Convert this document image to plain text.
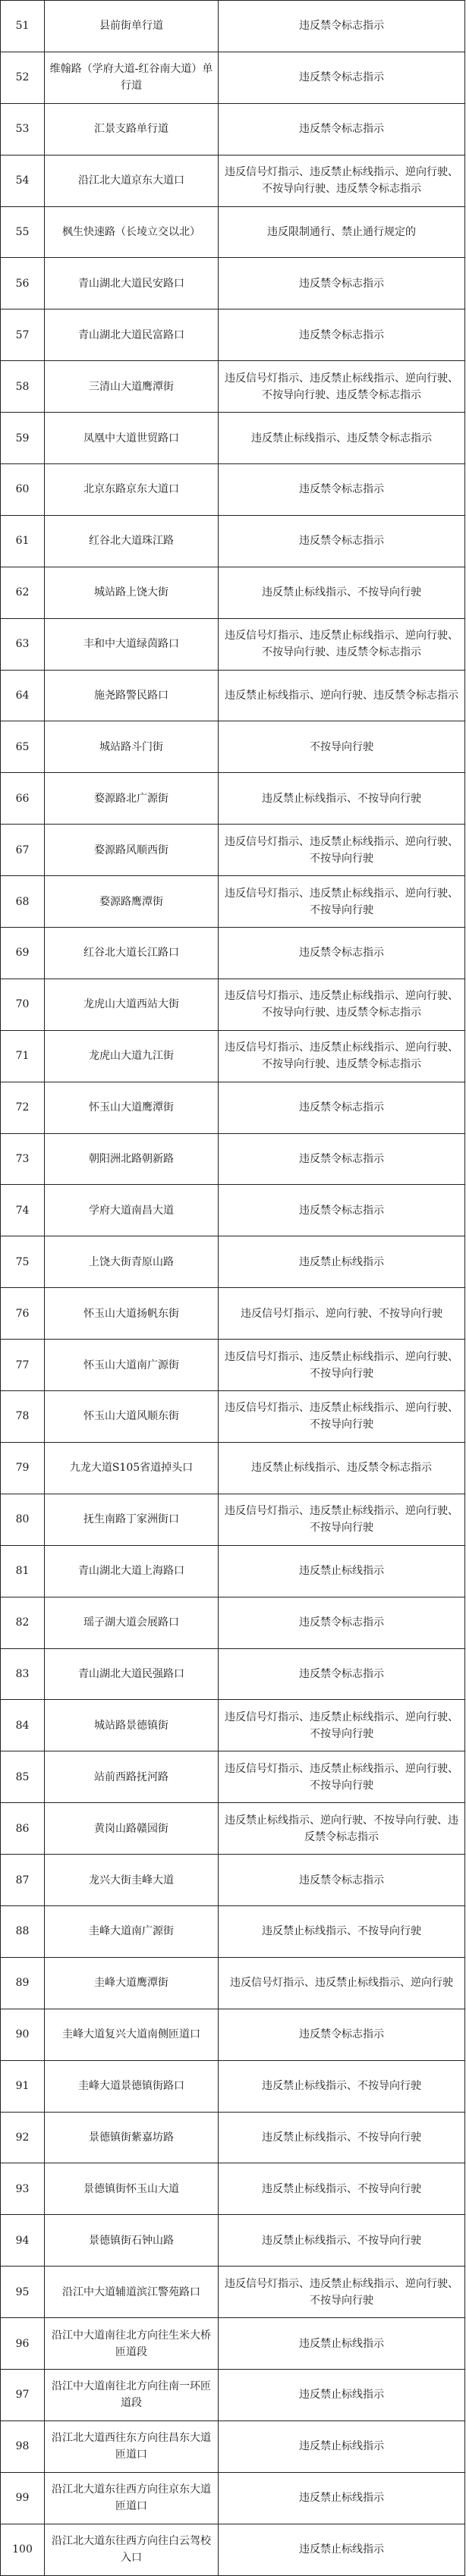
51	县前街单行道	违反禁令标志指示
52	维翰路（学府大道-红谷南大道）单行道	违反禁令标志指示
53	汇景支路单行道	违反禁令标志指示
54	沿江北大道京东大道口	违反信号灯指示、违反禁止标线指示、逆向行驶、不按导向行驶、违反禁令标志指示
55	枫生快速路（长堎立交以北）	违反限制通行、禁止通行规定的
56	青山湖北大道民安路口	违反禁令标志指示
57	青山湖北大道民富路口	违反禁令标志指示
58	三清山大道鹰潭街	违反信号灯指示、违反禁止标线指示、逆向行驶、不按导向行驶、违反禁令标志指示
59	凤凰中大道世贸路口	违反禁止标线指示、违反禁令标志指示
60	北京东路京东大道口	违反禁令标志指示
61	红谷北大道珠江路	违反禁令标志指示
62	城站路上饶大街	违反禁止标线指示、不按导向行驶
63	丰和中大道绿茵路口	违反信号灯指示、违反禁止标线指示、逆向行驶、不按导向行驶、违反禁令标志指示
64	施尧路警民路口	违反禁止标线指示、逆向行驶、违反禁令标志指示
65	城站路斗门街	不按导向行驶
66	婺源路北广源街	违反禁止标线指示、不按导向行驶
67	婺源路风顺西街	违反信号灯指示、违反禁止标线指示、逆向行驶、不按导向行驶
68	婺源路鹰潭街	违反信号灯指示、违反禁止标线指示、逆向行驶、不按导向行驶
69	红谷北大道长江路口	违反禁令标志指示
70	龙虎山大道西站大街	违反信号灯指示、违反禁止标线指示、逆向行驶、不按导向行驶、违反禁令标志指示
71	龙虎山大道九江街	违反信号灯指示、违反禁止标线指示、逆向行驶、不按导向行驶、违反禁令标志指示
72	怀玉山大道鹰潭街	违反禁令标志指示
73	朝阳洲北路朝新路	违反禁令标志指示
74	学府大道南昌大道	违反禁令标志指示
75	上饶大街青原山路	违反禁止标线指示
76	怀玉山大道扬帆东街	违反信号灯指示、逆向行驶、不按导向行驶
77	怀玉山大道南广源街	违反信号灯指示、违反禁止标线指示、逆向行驶、不按导向行驶
78	怀玉山大道风顺东街	违反信号灯指示、违反禁止标线指示、逆向行驶、不按导向行驶
79	九龙大道S105省道掉头口	违反禁止标线指示、违反禁令标志指示
80	抚生南路丁家洲街口	违反信号灯指示、违反禁止标线指示、逆向行驶、不按导向行驶
81	青山湖北大道上海路口	违反禁止标线指示
82	瑶子湖大道会展路口	违反禁令标志指示
83	青山湖北大道民强路口	违反禁令标志指示
84	城站路景德镇街	违反信号灯指示、违反禁止标线指示、逆向行驶、不按导向行驶
85	站前西路抚河路	违反信号灯指示、违反禁止标线指示、逆向行驶、不按导向行驶
86	黄岗山路赣园街	违反禁止标线指示、逆向行驶、不按导向行驶、违反禁令标志指示
87	龙兴大街圭峰大道	违反禁令标志指示
88	圭峰大道南广源街	违反禁止标线指示、不按导向行驶
89	圭峰大道鹰潭街	违反信号灯指示、违反禁止标线指示、逆向行驶
90	圭峰大道复兴大道南侧匝道口	违反禁令标志指示
91	圭峰大道景德镇街路口	违反禁止标线指示、不按导向行驶
92	景德镇街紫嘉坊路	违反禁止标线指示、不按导向行驶
93	景德镇街怀玉山大道	违反禁止标线指示、不按导向行驶
94	景德镇街石钟山路	违反禁止标线指示、不按导向行驶
95	沿江中大道辅道滨江警苑路口	违反信号灯指示、违反禁止标线指示、逆向行驶、不按导向行驶
96	沿江中大道南往北方向往生米大桥匝道段	违反禁止标线指示
97	沿江中大道南往北方向往南一环匝道段	违反禁止标线指示
98	沿江北大道西往东方向往昌东大道匝道口	违反禁止标线指示
99	沿江北大道东往西方向往京东大道匝道口	违反禁止标线指示
100	沿江北大道东往西方向往白云驾校入口	违反禁止标线指示
